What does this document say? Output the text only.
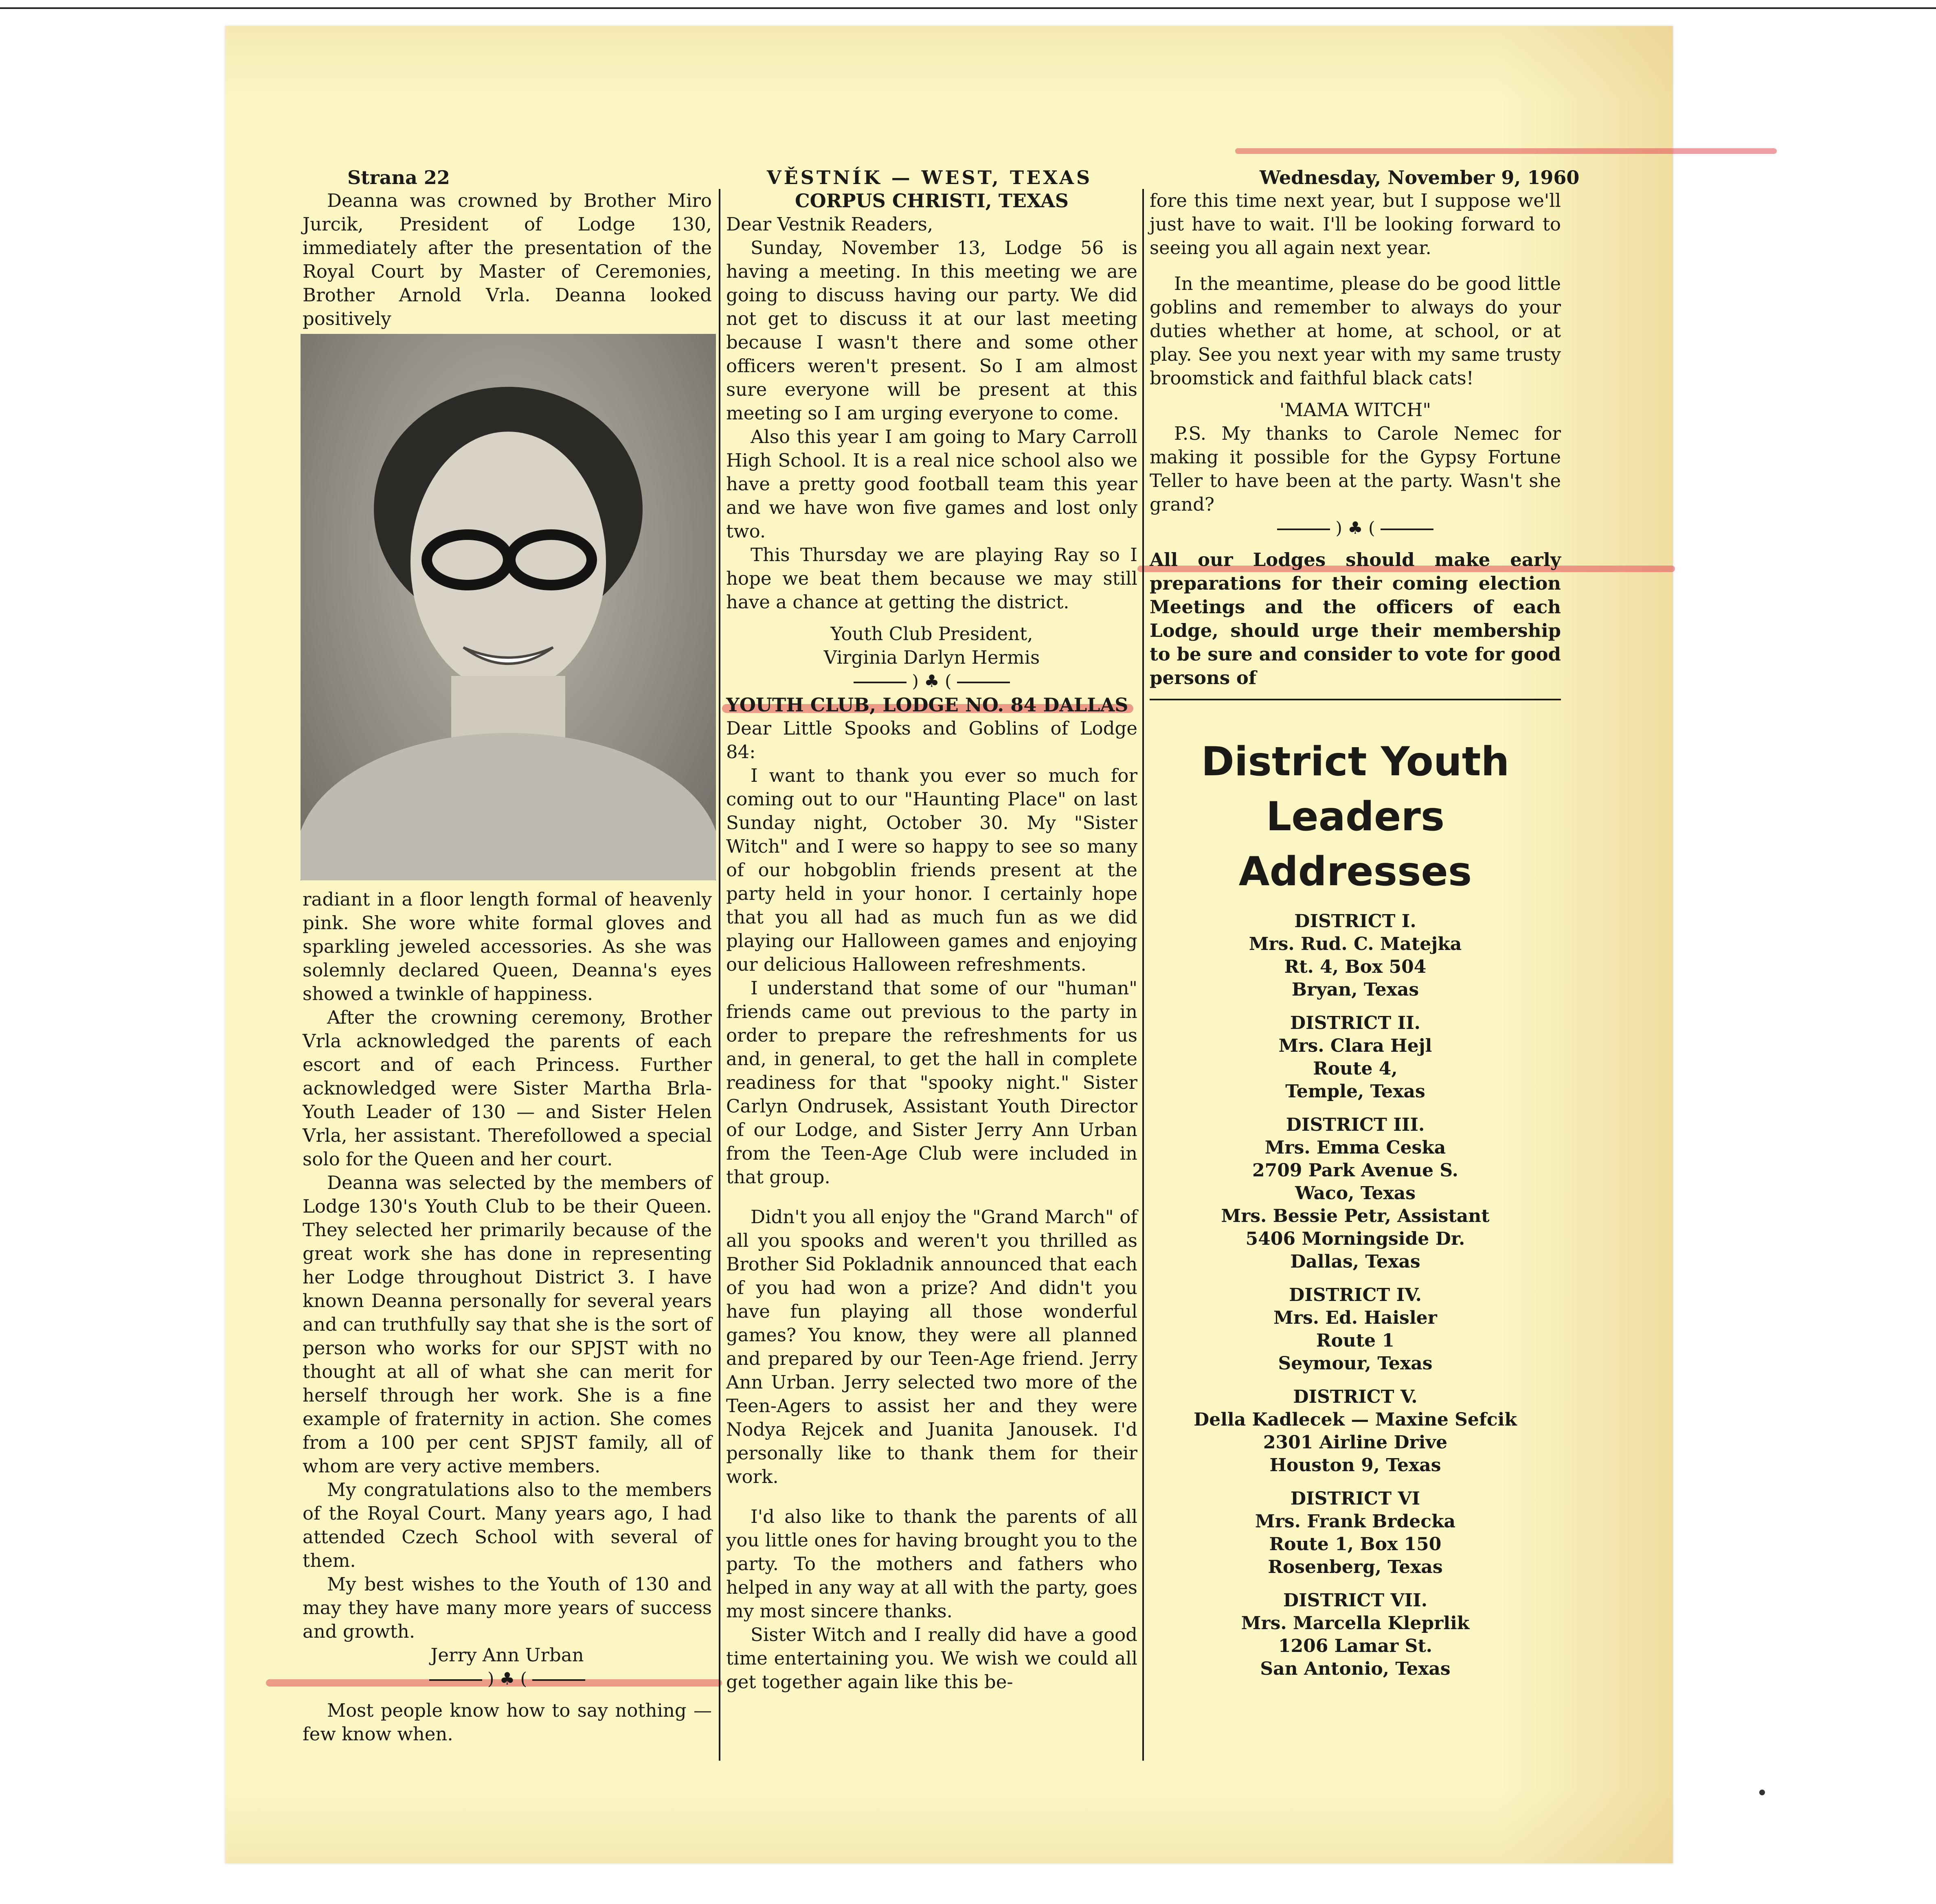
Strana 22	VĚSTNÍK — WEST, TEXAS	Wednesday, November 9, 1960

Deanna was crowned by Brother Miro Jurcik, President of Lodge 130, immediately after the presentation of the Royal Court by Master of Ceremonies, Brother Arnold Vrla. Deanna looked positively

radiant in a floor length formal of heavenly pink. She wore white formal gloves and sparkling jeweled accessories. As she was solemnly declared Queen, Deanna's eyes showed a twinkle of happiness.

After the crowning ceremony, Brother Vrla acknowledged the parents of each escort and of each Princess. Further acknowledged were Sister Martha Brla- Youth Leader of 130 — and Sister Helen Vrla, her assistant. Therefollowed a special solo for the Queen and her court.

Deanna was selected by the members of Lodge 130's Youth Club to be their Queen. They selected her primarily because of the great work she has done in representing her Lodge throughout District 3. I have known Deanna personally for several years and can truthfully say that she is the sort of person who works for our SPJST with no thought at all of what she can merit for herself through her work. She is a fine example of fraternity in action. She comes from a 100 per cent SPJST family, all of whom are very active members.

My congratulations also to the members of the Royal Court. Many years ago, I had attended Czech School with several of them.

My best wishes to the Youth of 130 and may they have many more years of success and growth.

Jerry Ann Urban

) ♣ (

Most people know how to say nothing — few know when.

CORPUS CHRISTI, TEXAS

Dear Vestnik Readers,

Sunday, November 13, Lodge 56 is having a meeting. In this meeting we are going to discuss having our party. We did not get to discuss it at our last meeting because I wasn't there and some other officers weren't present. So I am almost sure everyone will be present at this meeting so I am urging everyone to come.

Also this year I am going to Mary Carroll High School. It is a real nice school also we have a pretty good football team this year and we have won five games and lost only two.

This Thursday we are playing Ray so I hope we beat them because we may still have a chance at getting the district.

Youth Club President,

Virginia Darlyn Hermis

) ♣ (
YOUTH CLUB, LODGE NO. 84 DALLAS

Dear Little Spooks and Goblins of Lodge 84:

I want to thank you ever so much for coming out to our "Haunting Place" on last Sunday night, October 30. My "Sister Witch" and I were so happy to see so many of our hobgoblin friends present at the party held in your honor. I certainly hope that you all had as much fun as we did playing our Halloween games and enjoying our delicious Halloween refreshments.

I understand that some of our "human" friends came out previous to the party in order to prepare the refreshments for us and, in general, to get the hall in complete readiness for that "spooky night." Sister Carlyn Ondrusek, Assistant Youth Director of our Lodge, and Sister Jerry Ann Urban from the Teen-Age Club were included in that group.

Didn't you all enjoy the "Grand March" of all you spooks and weren't you thrilled as Brother Sid Pokladnik announced that each of you had won a prize? And didn't you have fun playing all those wonderful games? You know, they were all planned and prepared by our Teen-Age friend. Jerry Ann Urban. Jerry selected two more of the Teen-Agers to assist her and they were Nodya Rejcek and Juanita Janousek. I'd personally like to thank them for their work.

I'd also like to thank the parents of all you little ones for having brought you to the party. To the mothers and fathers who helped in any way at all with the party, goes my most sincere thanks.

Sister Witch and I really did have a good time entertaining you. We wish we could all get together again like this be-

fore this time next year, but I suppose we'll just have to wait. I'll be looking forward to seeing you all again next year.

In the meantime, please do be good little goblins and remember to always do your duties whether at home, at school, or at play. See you next year with my same trusty broomstick and faithful black cats!

'MAMA WITCH"

P.S. My thanks to Carole Nemec for making it possible for the Gypsy Fortune Teller to have been at the party. Wasn't she grand?

) ♣ (

All our Lodges should make early preparations for their coming election Meetings and the officers of each Lodge, should urge their membership to be sure and consider to vote for good persons of

District Youth
Leaders Addresses
DISTRICT I.
Mrs. Rud. C. Matejka
Rt. 4, Box 504
Bryan, Texas
DISTRICT II.
Mrs. Clara Hejl
Route 4,
Temple, Texas
DISTRICT III.
Mrs. Emma Ceska
2709 Park Avenue S.
Waco, Texas
Mrs. Bessie Petr, Assistant
5406 Morningside Dr.
Dallas, Texas
DISTRICT IV.
Mrs. Ed. Haisler
Route 1
Seymour, Texas
DISTRICT V.
Della Kadlecek — Maxine Sefcik
2301 Airline Drive
Houston 9, Texas
DISTRICT VI
Mrs. Frank Brdecka
Route 1, Box 150
Rosenberg, Texas
DISTRICT VII.
Mrs. Marcella Kleprlik
1206 Lamar St.
San Antonio, Texas
